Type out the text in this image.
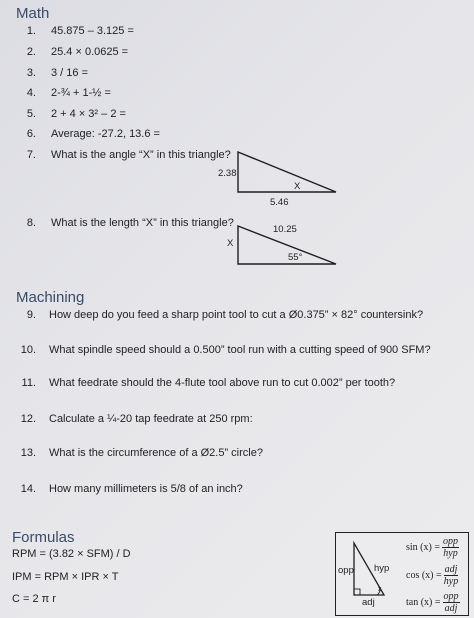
Math
1. 45.875 – 3.125 =
2. 25.4 × 0.0625 =
3. 3 / 16 =
4. 2-¾ + 1-½ =
5. 2 + 4 × 3² – 2 =
6. Average: -27.2, 13.6 =
7. What is the angle “X” in this triangle?
2.38
X
5.46
8. What is the length “X” in this triangle?
10.25
X
55°
Machining
9. How deep do you feed a sharp point tool to cut a Ø0.375” × 82° countersink?
10. What spindle speed should a 0.500” tool run with a cutting speed of 900 SFM?
11. What feedrate should the 4-flute tool above run to cut 0.002” per tooth?
12. Calculate a ¼-20 tap feedrate at 250 rpm:
13. What is the circumference of a Ø2.5” circle?
14. How many millimeters is 5/8 of an inch?
Formulas
RPM = (3.82 × SFM) / D
IPM = RPM × IPR × T
C = 2 π r
opp hyp
x
adj
$\sin (x) = \frac{\text{opp}}{\text{hyp}}$
$\cos (x) = \frac{\text{adj}}{\text{hyp}}$
$\tan (x) = \frac{\text{opp}}{\text{adj}}$
